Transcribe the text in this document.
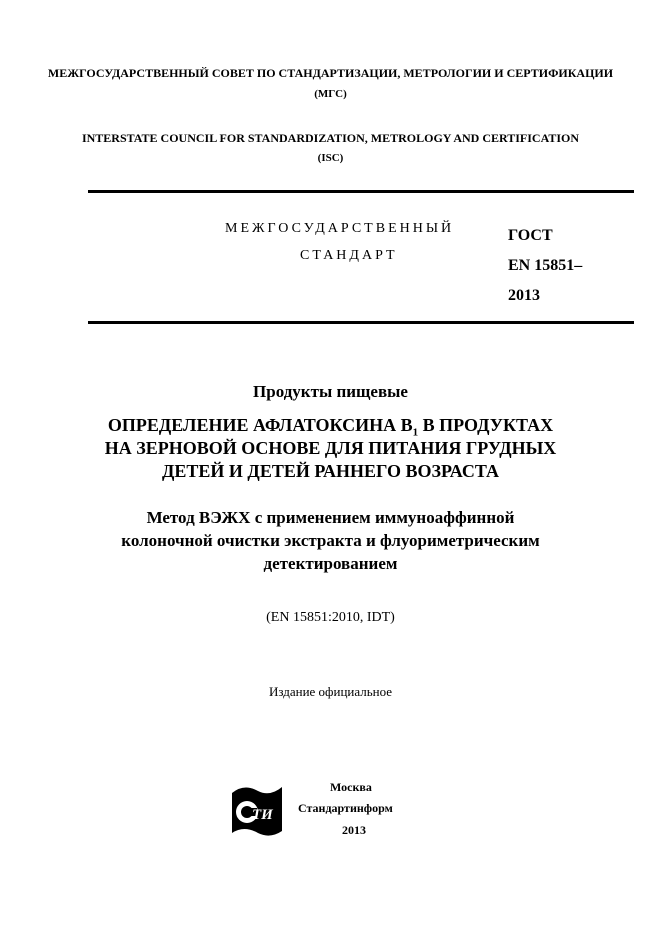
МЕЖГОСУДАРСТВЕННЫЙ СОВЕТ ПО СТАНДАРТИЗАЦИИ, МЕТРОЛОГИИ И СЕРТИФИКАЦИИ
(МГС)
INTERSTATE COUNCIL FOR STANDARDIZATION, METROLOGY AND CERTIFICATION
(ISC)
МЕЖГОСУДАРСТВЕННЫЙ
СТАНДАРТ
ГОСТ
EN 15851–
2013
Продукты пищевые
ОПРЕДЕЛЕНИЕ АФЛАТОКСИНА $B_1$ В ПРОДУКТАХ
НА ЗЕРНОВОЙ ОСНОВЕ ДЛЯ ПИТАНИЯ ГРУДНЫХ
ДЕТЕЙ И ДЕТЕЙ РАННЕГО ВОЗРАСТА
Метод ВЭЖХ с применением иммуноаффинной
колоночной очистки экстракта и флуориметрическим
детектированием
(EN 15851:2010, IDT)
Издание официальное
ТИ
Москва
Стандартинформ
2013
